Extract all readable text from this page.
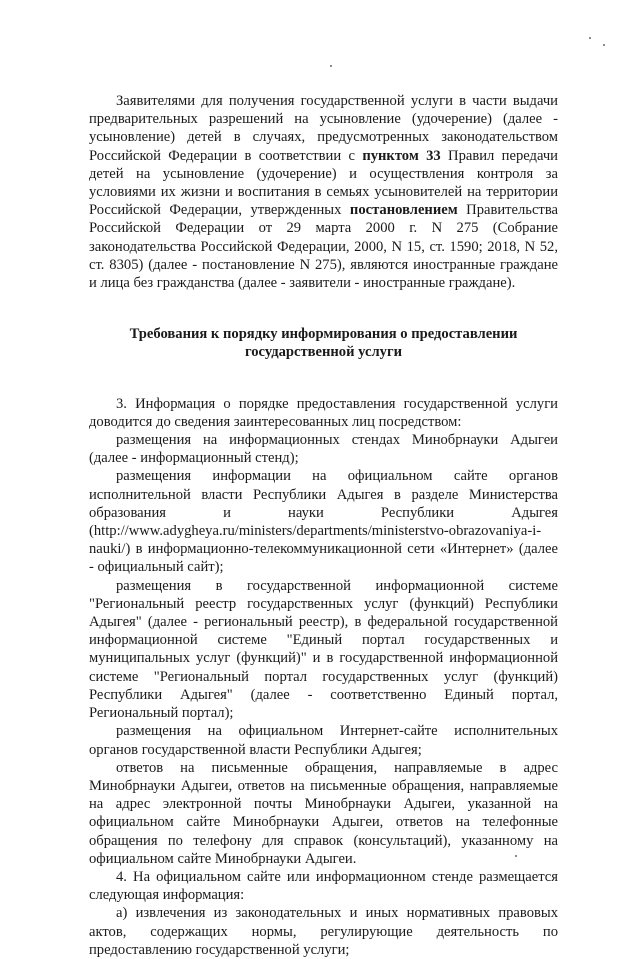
Заявителями для получения государственной услуги в части выдачи предварительных разрешений на усыновление (удочерение) (далее - усыновление) детей в случаях, предусмотренных законодательством Российской Федерации в соответствии с пунктом 33 Правил передачи детей на усыновление (удочерение) и осуществления контроля за условиями их жизни и воспитания в семьях усыновителей на территории Российской Федерации, утвержденных постановлением Правительства Российской Федерации от 29 марта 2000 г. N 275 (Собрание законодательства Российской Федерации, 2000, N 15, ст. 1590; 2018, N 52, ст. 8305) (далее - постановление N 275), являются иностранные граждане и лица без гражданства (далее - заявители - иностранные граждане).

Требования к порядку информирования о предоставлении государственной услуги

3. Информация о порядке предоставления государственной услуги доводится до сведения заинтересованных лиц посредством:

размещения на информационных стендах Минобрнауки Адыгеи (далее - информационный стенд);

размещения информации на официальном сайте органов исполнительной власти Республики Адыгея в разделе Министерства образования и науки Республики Адыгея (http://www.adygheya.ru/ministers/departments/ministerstvo-obrazovaniya-i-nauki/) в информационно-телекоммуникационной сети «Интернет» (далее - официальный сайт);

размещения в государственной информационной системе "Региональный реестр государственных услуг (функций) Республики Адыгея" (далее - региональный реестр), в федеральной государственной информационной системе "Единый портал государственных и муниципальных услуг (функций)" и в государственной информационной системе "Региональный портал государственных услуг (функций) Республики Адыгея" (далее - соответственно Единый портал, Региональный портал);

размещения на официальном Интернет-сайте исполнительных органов государственной власти Республики Адыгея;

ответов на письменные обращения, направляемые в адрес Минобрнауки Адыгеи, ответов на письменные обращения, направляемые на адрес электронной почты Минобрнауки Адыгеи, указанной на официальном сайте Минобрнауки Адыгеи, ответов на телефонные обращения по телефону для справок (консультаций), указанному на официальном сайте Минобрнауки Адыгеи.

4. На официальном сайте или информационном стенде размещается следующая информация:

а) извлечения из законодательных и иных нормативных правовых актов, содержащих нормы, регулирующие деятельность по предоставлению государственной услуги;
